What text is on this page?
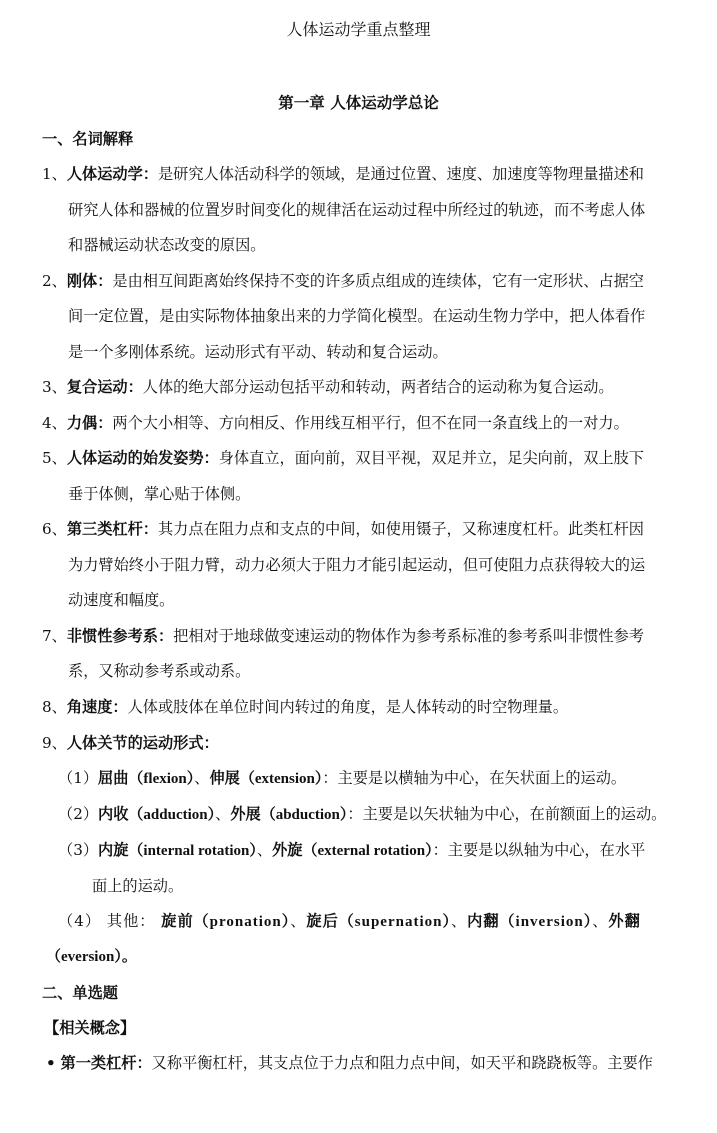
人体运动学重点整理
第一章 人体运动学总论
一、名词解释
1、人体运动学：是研究人体活动科学的领域，是通过位置、速度、加速度等物理量描述和
研究人体和器械的位置岁时间变化的规律活在运动过程中所经过的轨迹，而不考虑人体
和器械运动状态改变的原因。
2、刚体：是由相互间距离始终保持不变的许多质点组成的连续体，它有一定形状、占据空
间一定位置，是由实际物体抽象出来的力学简化模型。在运动生物力学中，把人体看作
是一个多刚体系统。运动形式有平动、转动和复合运动。
3、复合运动：人体的绝大部分运动包括平动和转动，两者结合的运动称为复合运动。
4、力偶：两个大小相等、方向相反、作用线互相平行，但不在同一条直线上的一对力。
5、人体运动的始发姿势：身体直立，面向前，双目平视，双足并立，足尖向前，双上肢下
垂于体侧，掌心贴于体侧。
6、第三类杠杆：其力点在阻力点和支点的中间，如使用镊子，又称速度杠杆。此类杠杆因
为力臂始终小于阻力臂，动力必须大于阻力才能引起运动，但可使阻力点获得较大的运
动速度和幅度。
7、非惯性参考系：把相对于地球做变速运动的物体作为参考系标准的参考系叫非惯性参考
系，又称动参考系或动系。
8、角速度：人体或肢体在单位时间内转过的角度，是人体转动的时空物理量。
9、人体关节的运动形式：
（1）屈曲（flexion）、伸展（extension）：主要是以横轴为中心，在矢状面上的运动。
（2）内收（adduction）、外展（abduction）：主要是以矢状轴为中心，在前额面上的运动。
（3）内旋（internal rotation）、外旋（external rotation）：主要是以纵轴为中心，在水平
面上的运动。
（4） 其他： 旋前（pronation）、旋后（supernation）、内翻（inversion）、外翻
（eversion）。
二、单选题
【相关概念】
• 第一类杠杆：又称平衡杠杆，其支点位于力点和阻力点中间，如天平和跷跷板等。主要作
